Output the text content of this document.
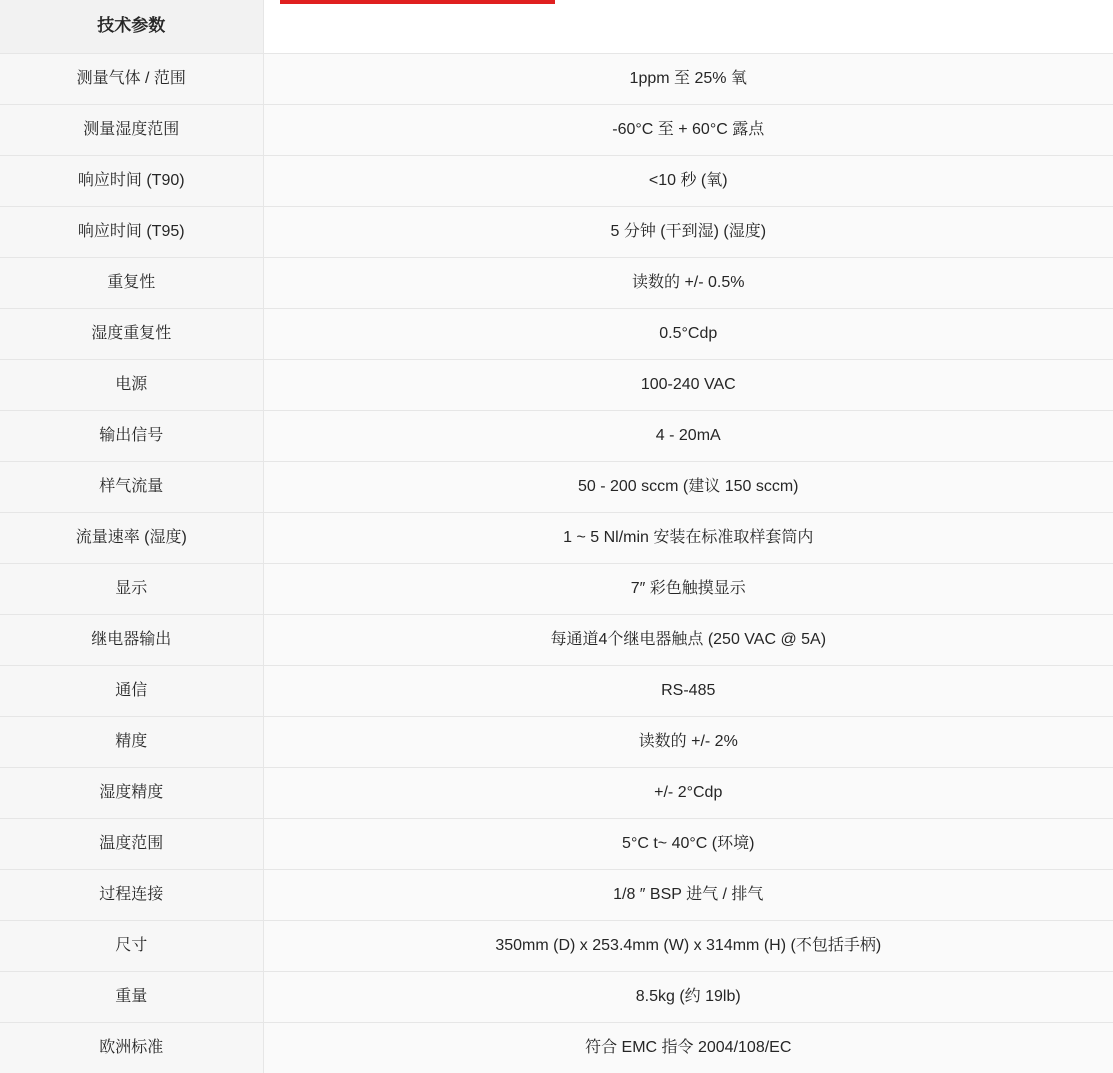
技术参数	
测量气体 / 范围	1ppm 至 25% 氧
测量湿度范围	-60°C 至 + 60°C 露点
响应时间 (T90)	<10 秒 (氧)
响应时间 (T95)	5 分钟 (干到湿) (湿度)
重复性	读数的 +/- 0.5%
湿度重复性	0.5°Cdp
电源	100-240 VAC
输出信号	4 - 20mA
样气流量	50 - 200 sccm (建议 150 sccm)
流量速率 (湿度)	1 ~ 5 Nl/min 安装在标准取样套筒内
显示	7″ 彩色触摸显示
继电器输出	每通道4个继电器触点 (250 VAC @ 5A)
通信	RS-485
精度	读数的 +/- 2%
湿度精度	+/- 2°Cdp
温度范围	5°C t~ 40°C (环境)
过程连接	1/8 ″ BSP 进气 / 排气
尺寸	350mm (D) x 253.4mm (W) x 314mm (H) (不包括手柄)
重量	8.5kg (约 19lb)
欧洲标准	符合 EMC 指令 2004/108/EC
